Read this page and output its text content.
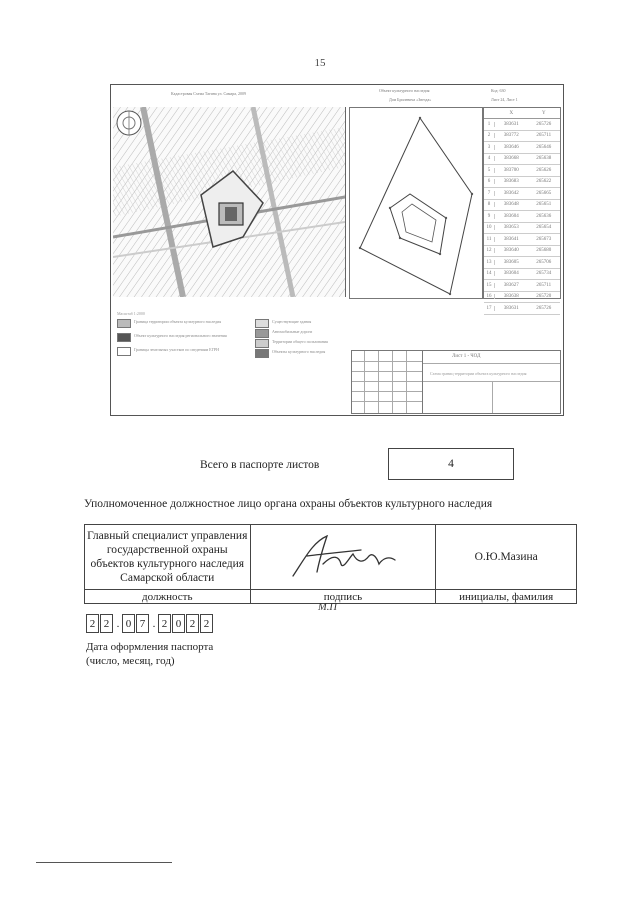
15
Кадастровая Схема Тагина ул. Самара, 2009
Объект культурного наследия
Дом Брилевича «Звезда»
Код: 630
Лист 24, Лист 1
X	Y
1	383631	265726
2	383772	265711
3	383646	265646
4	383668	265638
5	383700	265626
6	383683	265622
7	383642	265665
8	383648	265651
9	383604	265636
10	383653	265654
11	383641	265673
12	383640	265680
13	383605	265706
14	383604	265734
15	383627	265711
16	383638	265720
17	383631	265726
Масштаб 1:2000
Граница территории объекта культурного наследия
Объект культурного наследия регионального значения
Границы земельных участков по сведениям ЕГРН
Существующие здания
Автомобильные дороги
Территории общего пользования
Объекты культурного наследия
Лист 1 - ЧОД
Схема границ территории объекта культурного наследия
Всего в паспорте листов	4
Уполномоченное должностное лицо органа охраны объектов культурного наследия
Главный специалист управления государственной охраны объектов культурного наследия Самарской области		О.Ю.Мазина
должность	подпись	инициалы, фамилия
М.П
2 2 . 0 7 . 2 0 2 2
Дата оформления паспорта
(число, месяц, год)
